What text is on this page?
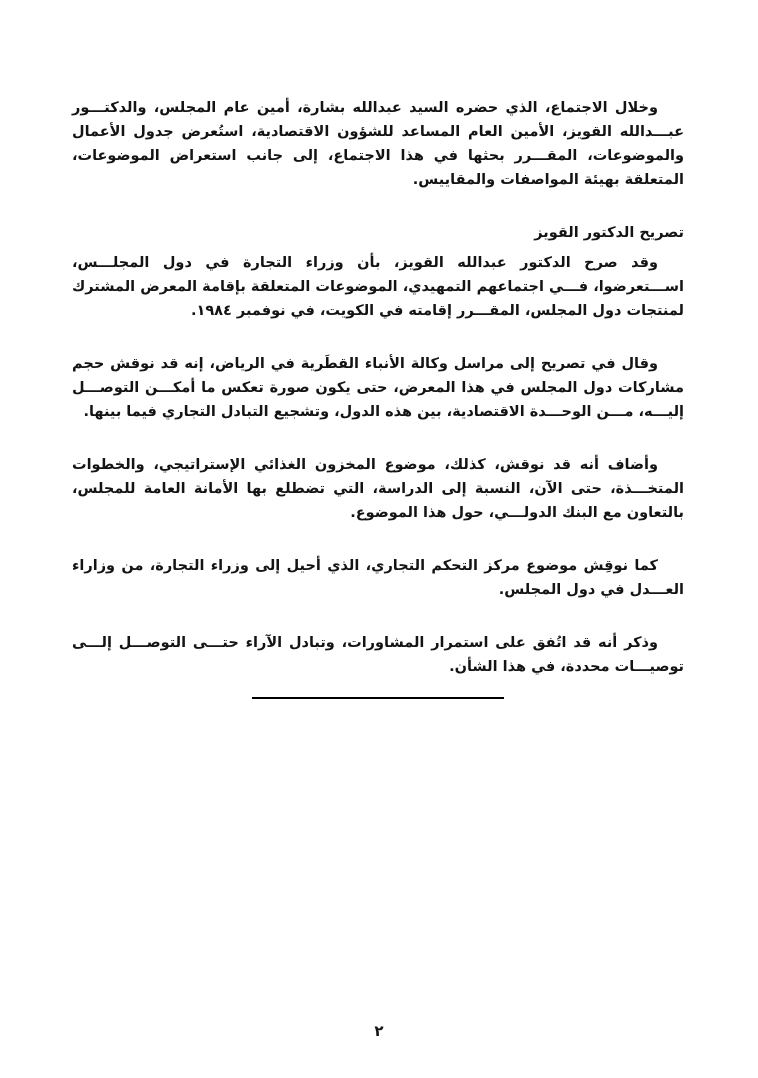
وخلال الاجتماع، الذي حضره السيد عبدالله بشارة، أمين عام المجلس، والدكتـــور عبـــدالله القويز، الأمين العام المساعد للشؤون الاقتصادية، استُعرض جدول الأعمال والموضوعات، المقـــرر بحثها في هذا الاجتماع، إلى جانب استعراض الموضوعات، المتعلقة بهيئة المواصفات والمقاييس.

تصريح الدكتور القويز

وقد صرح الدكتور عبدالله القويز، بأن وزراء التجارة في دول المجلـــس، اســـتعرضوا، فـــي اجتماعهم التمهيدي، الموضوعات المتعلقة بإقامة المعرض المشترك لمنتجات دول المجلس، المقـــرر إقامته في الكويت، في نوفمبر ١٩٨٤.

وقال في تصريح إلى مراسل وكالة الأنباء القطَرية في الرياض، إنه قد نوقش حجم مشاركات دول المجلس في هذا المعرض، حتى يكون صورة تعكس ما أمكـــن التوصـــل إليـــه، مـــن الوحـــدة الاقتصادية، بين هذه الدول، وتشجيع التبادل التجاري فيما بينها.

وأضاف أنه قد نوقش، كذلك، موضوع المخزون الغذائي الإستراتيجي، والخطوات المتخـــذة، حتى الآن، النسبة إلى الدراسة، التي تضطلع بها الأمانة العامة للمجلس، بالتعاون مع البنك الدولـــي، حول هذا الموضوع.

كما نوقِش موضوع مركز التحكم التجاري، الذي أحيل إلى وزراء التجارة، من وزاراء العـــدل في دول المجلس.

وذكر أنه قد اتُفق على استمرار المشاورات، وتبادل الآراء حتـــى التوصـــل إلـــى توصيـــات محددة، في هذا الشأن.

٢
